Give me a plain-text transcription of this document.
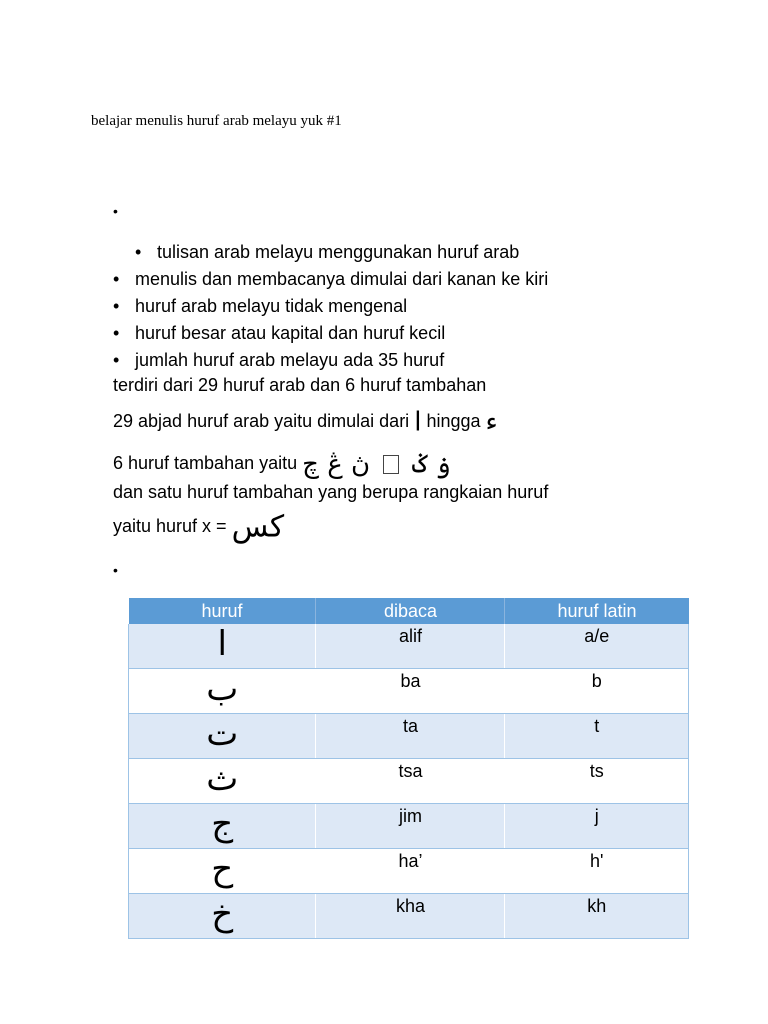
belajar menulis huruf arab melayu yuk #1
•
• tulisan arab melayu menggunakan huruf arab
• menulis dan membacanya dimulai dari kanan ke kiri
• huruf arab melayu tidak mengenal
• huruf besar atau kapital dan huruf kecil
• jumlah huruf arab melayu ada 35 huruf
terdiri dari 29 huruf arab dan 6 huruf tambahan
29 abjad huruf arab yaitu dimulai dari ا hingga ء
6 huruf tambahan yaitu	ۏ ݢ  ڽ ڠ چ
dan satu huruf tambahan yang berupa rangkaian huruf
yaitu huruf x = کس
•
huruf	dibaca	huruf latin
ا	alif	a/e
ب	ba	b
ت	ta	t
ث	tsa	ts
ج	jim	j
ح	ha’	h'
خ	kha	kh
